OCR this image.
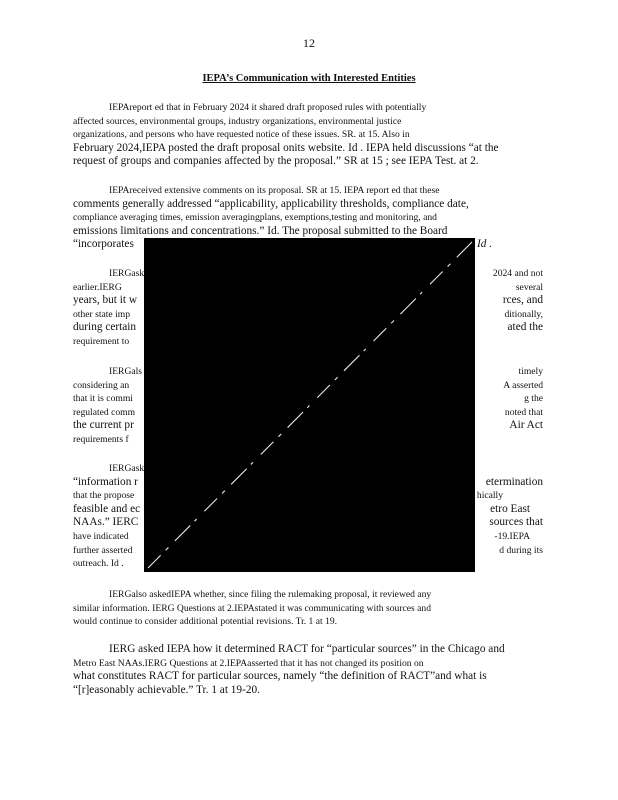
12
IEPA’s Communication with Interested Entities
IEPAreport ed that in February 2024 it shared draft proposed rules with potentially
affected sources, environmental groups, industry organizations, environmental justice
organizations, and persons who have requested notice of these issues. SR. at 15. Also in
February 2024,IEPA posted the draft proposal onits website. Id . IEPA held discussions “at the
request of groups and companies affected by the proposal.” SR at 15 ; see IEPA Test. at 2.
IEPAreceived extensive comments on its proposal. SR at 15. IEPA report ed that these
comments generally addressed “applicability, applicability thresholds, compliance date,
compliance averaging times, emission averagingplans, exemptions,testing and monitoring, and
emissions limitations and concentrations.” Id. The proposal submitted to the Board
“incorporates	Id .
IERGask	2024 and not
earlier.IERG	several
years, but it w	rces, and
other state imp	ditionally,
during certain	ated the
requirement to
IERGals	timely
considering an	A asserted
that it is commi	g the
regulated comm	noted that
the current pr	Air Act
requirements f
IERGask
“information r	etermination
that the propose	hically
feasible and ec	etro East
NAAs.” IERC	sources that
have indicated	-19.IEPA
further asserted	d during its
outreach. Id .
IERGalso askedIEPA whether, since filing the rulemaking proposal, it reviewed any
similar information. IERG Questions at 2.IEPAstated it was communicating with sources and
would continue to consider additional potential revisions. Tr. 1 at 19.
IERG asked IEPA how it determined RACT for “particular sources” in the Chicago and
Metro East NAAs.IERG Questions at 2.IEPAasserted that it has not changed its position on
what constitutes RACT for particular sources, namely “the definition of RACT”and what is
“[r]easonably achievable.” Tr. 1 at 19-20.
